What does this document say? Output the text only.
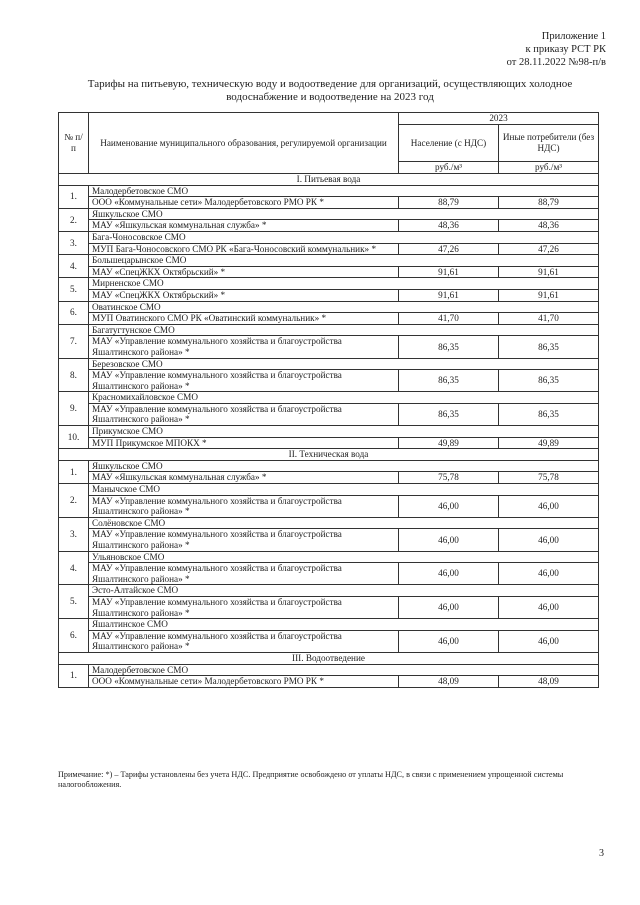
Приложение 1
к приказу РСТ РК
от 28.11.2022 №98-п/в
Тарифы на питьевую, техническую воду и водоотведение для организаций, осуществляющих холодное водоснабжение и водоотведение на 2023 год
№ п/п	Наименование муниципального образования, регулируемой организации	2023	
		Население (с НДС)	Иные потребители (без НДС)
		руб./м³	руб./м³
I. Питьевая вода			
1.	Малодербетовское СМО		
	ООО «Коммунальные сети» Малодербетовского РМО РК *	88,79	88,79
2.	Яшкульское СМО		
	МАУ «Яшкульская коммунальная служба» *	48,36	48,36
3.	Бага-Чоносовское СМО		
	МУП Бага-Чоносовского СМО РК «Бага-Чоносовский коммунальник» *	47,26	47,26
4.	Большецарынское СМО		
	МАУ «СпецЖКХ Октябрьский» *	91,61	91,61
5.	Мирненское СМО		
	МАУ «СпецЖКХ Октябрьский» *	91,61	91,61
6.	Оватинское СМО		
	МУП Оватинского СМО РК «Оватинский коммунальник» *	41,70	41,70
7.	Багатугтунское СМО		
	МАУ «Управление коммунального хозяйства и благоустройства Яшалтинского района» *	86,35	86,35
8.	Березовское СМО		
	МАУ «Управление коммунального хозяйства и благоустройства Яшалтинского района» *	86,35	86,35
9.	Красномихайловское СМО		
	МАУ «Управление коммунального хозяйства и благоустройства Яшалтинского района» *	86,35	86,35
10.	Прикумское СМО		
	МУП Прикумское МПОКХ *	49,89	49,89
II. Техническая вода			
1.	Яшкульское СМО		
	МАУ «Яшкульская коммунальная служба» *	75,78	75,78
2.	Манычское СМО		
	МАУ «Управление коммунального хозяйства и благоустройства Яшалтинского района» *	46,00	46,00
3.	Солёновское СМО		
	МАУ «Управление коммунального хозяйства и благоустройства Яшалтинского района» *	46,00	46,00
4.	Ульяновское СМО		
	МАУ «Управление коммунального хозяйства и благоустройства Яшалтинского района» *	46,00	46,00
5.	Эсто-Алтайское СМО		
	МАУ «Управление коммунального хозяйства и благоустройства Яшалтинского района» *	46,00	46,00
6.	Яшалтинское СМО		
	МАУ «Управление коммунального хозяйства и благоустройства Яшалтинского района» *	46,00	46,00
III. Водоотведение			
1.	Малодербетовское СМО		
	ООО «Коммунальные сети» Малодербетовского РМО РК *	48,09	48,09
Примечание: *) – Тарифы установлены без учета НДС. Предприятие освобождено от уплаты НДС, в связи с применением упрощенной системы налогообложения.
3
